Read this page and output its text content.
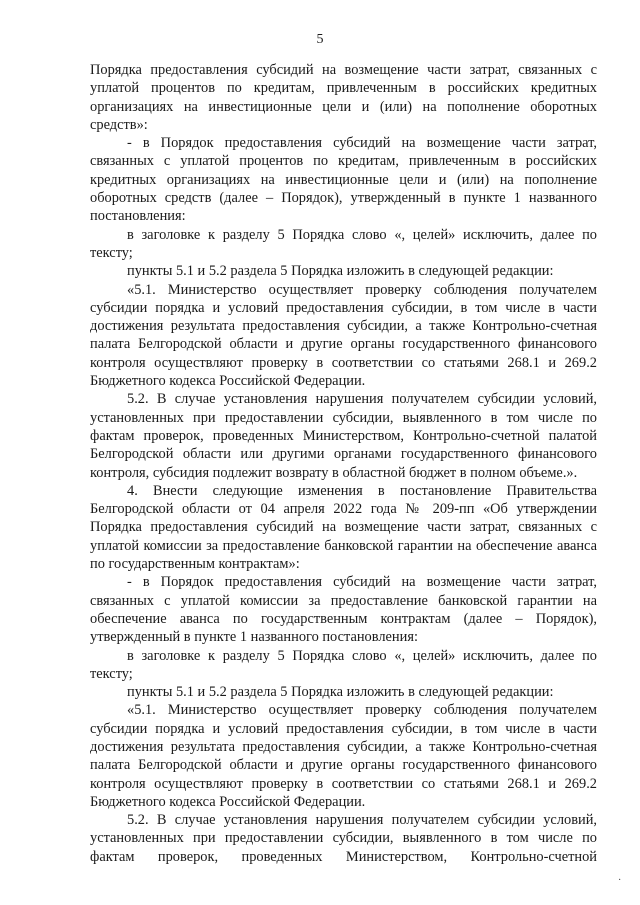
5

Порядка предоставления субсидий на возмещение части затрат, связанных с уплатой процентов по кредитам, привлеченным в российских кредитных организациях на инвестиционные цели и (или) на пополнение оборотных средств»:

- в Порядок предоставления субсидий на возмещение части затрат, связанных с уплатой процентов по кредитам, привлеченным в российских кредитных организациях на инвестиционные цели и (или) на пополнение оборотных средств (далее – Порядок), утвержденный в пункте 1 названного постановления:

в заголовке к разделу 5 Порядка слово «, целей» исключить, далее по тексту;

пункты 5.1 и 5.2 раздела 5 Порядка изложить в следующей редакции:

«5.1. Министерство осуществляет проверку соблюдения получателем субсидии порядка и условий предоставления субсидии, в том числе в части достижения результата предоставления субсидии, а также Контрольно-счетная палата Белгородской области и другие органы государственного финансового контроля осуществляют проверку в соответствии со статьями 268.1 и 269.2 Бюджетного кодекса Российской Федерации.

5.2. В случае установления нарушения получателем субсидии условий, установленных при предоставлении субсидии, выявленного в том числе по фактам проверок, проведенных Министерством, Контрольно-счетной палатой Белгородской области или другими органами государственного финансового контроля, субсидия подлежит возврату в областной бюджет в полном объеме.».

4. Внести следующие изменения в постановление Правительства Белгородской области от 04 апреля 2022 года № 209-пп «Об утверждении Порядка предоставления субсидий на возмещение части затрат, связанных с уплатой комиссии за предоставление банковской гарантии на обеспечение аванса по государственным контрактам»:

- в Порядок предоставления субсидий на возмещение части затрат, связанных с уплатой комиссии за предоставление банковской гарантии на обеспечение аванса по государственным контрактам (далее – Порядок), утвержденный в пункте 1 названного постановления:

в заголовке к разделу 5 Порядка слово «, целей» исключить, далее по тексту;

пункты 5.1 и 5.2 раздела 5 Порядка изложить в следующей редакции:

«5.1. Министерство осуществляет проверку соблюдения получателем субсидии порядка и условий предоставления субсидии, в том числе в части достижения результата предоставления субсидии, а также Контрольно-счетная палата Белгородской области и другие органы государственного финансового контроля осуществляют проверку в соответствии со статьями 268.1 и 269.2 Бюджетного кодекса Российской Федерации.

5.2. В случае установления нарушения получателем субсидии условий, установленных при предоставлении субсидии, выявленного в том числе по фактам проверок, проведенных Министерством, Контрольно-счетной

·
